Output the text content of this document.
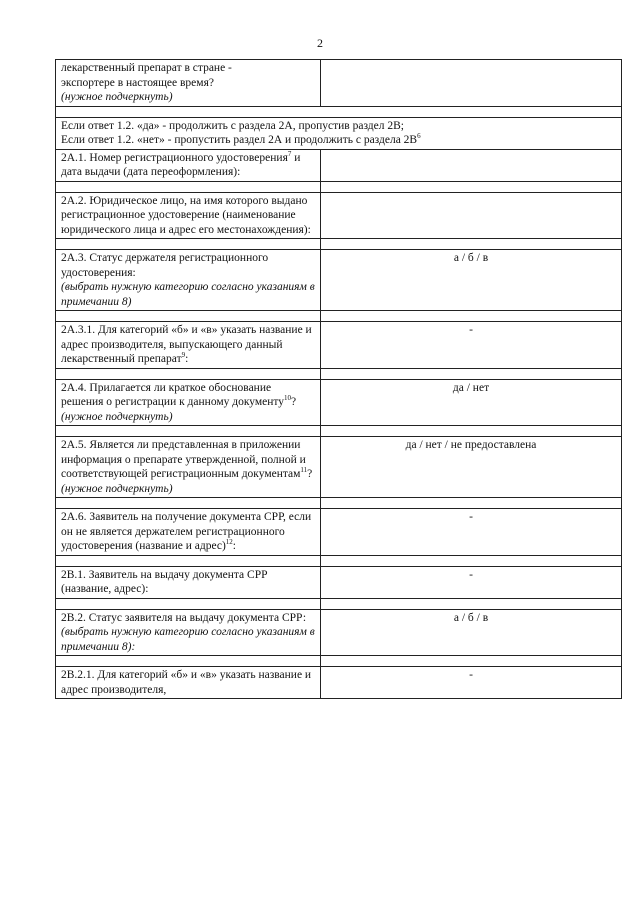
2
лекарственный препарат в стране -
экспортере в настоящее время?
(нужное подчеркнуть)	

Если ответ 1.2. «да» - продолжить с раздела 2А, пропустив раздел 2В;
Если ответ 1.2. «нет» - пропустить раздел 2А и продолжить с раздела $2В^6$

2А.1. Номер регистрационного удостоверения$^7$ и дата выдачи (дата переоформления):	

2А.2. Юридическое лицо, на имя которого выдано регистрационное удостоверение (наименование юридического лица и адрес его местонахождения):	

2А.3. Статус держателя регистрационного удостоверения:
(выбрать нужную категорию согласно указаниям в примечании 8)	а / б / в

2А.3.1. Для категорий «б» и «в» указать название и адрес производителя, выпускающего данный лекарственный препарат$^9$:	-

2А.4. Прилагается ли краткое обоснование решения о регистрации к данному документу$^{10}$?
(нужное подчеркнуть)	да / нет

2А.5. Является ли представленная в приложении информация о препарате утвержденной, полной и соответствующей регистрационным документам$^{11}$?
(нужное подчеркнуть)	да / нет / не предоставлена

2А.6. Заявитель на получение документа СРР, если он не является держателем регистрационного удостоверения (название и адрес)$^{12}$:	-

2В.1. Заявитель на выдачу документа СРР (название, адрес):	-

2В.2. Статус заявителя на выдачу документа СРР:
(выбрать нужную категорию согласно указаниям в примечании 8):	а / б / в

2В.2.1. Для категорий «б» и «в» указать название и адрес производителя,	-
